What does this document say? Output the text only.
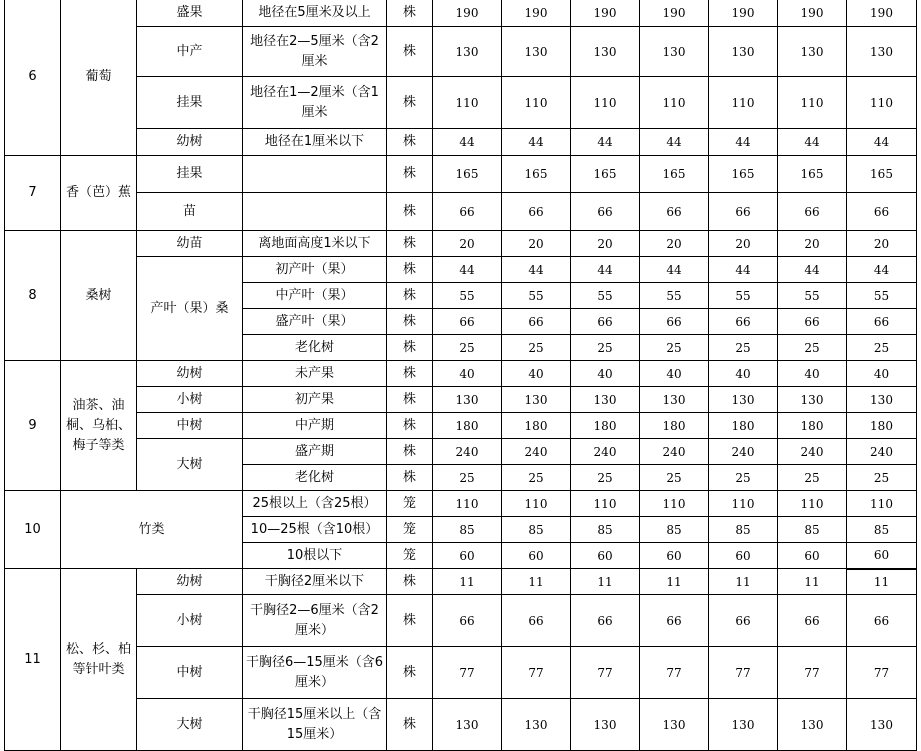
6	葡萄	盛果	地径在5厘米及以上	株	190	190	190	190	190	190	190
		中产	地径在2—5厘米（含2厘米	株	130	130	130	130	130	130	130
		挂果	地径在1—2厘米（含1厘米	株	110	110	110	110	110	110	110
		幼树	地径在1厘米以下	株	44	44	44	44	44	44	44
7	香（芭）蕉	挂果		株	165	165	165	165	165	165	165
		苗		株	66	66	66	66	66	66	66
8	桑树	幼苗	离地面高度1米以下	株	20	20	20	20	20	20	20
		产叶（果）桑	初产叶（果）	株	44	44	44	44	44	44	44
			中产叶（果）	株	55	55	55	55	55	55	55
			盛产叶（果）	株	66	66	66	66	66	66	66
			老化树	株	25	25	25	25	25	25	25
9	油茶、油桐、乌桕、梅子等类	幼树	未产果	株	40	40	40	40	40	40	40
		小树	初产果	株	130	130	130	130	130	130	130
		中树	中产期	株	180	180	180	180	180	180	180
		大树	盛产期	株	240	240	240	240	240	240	240
			老化树	株	25	25	25	25	25	25	25
10	竹类		25根以上（含25根）	笼	110	110	110	110	110	110	110
			10—25根（含10根）	笼	85	85	85	85	85	85	85
			10根以下	笼	60	60	60	60	60	60	60
11	松、杉、柏等针叶类	幼树	干胸径2厘米以下	株	11	11	11	11	11	11	11
		小树	干胸径2—6厘米（含2厘米）	株	66	66	66	66	66	66	66
		中树	干胸径6—15厘米（含6厘米）	株	77	77	77	77	77	77	77
		大树	干胸径15厘米以上（含15厘米）	株	130	130	130	130	130	130	130
